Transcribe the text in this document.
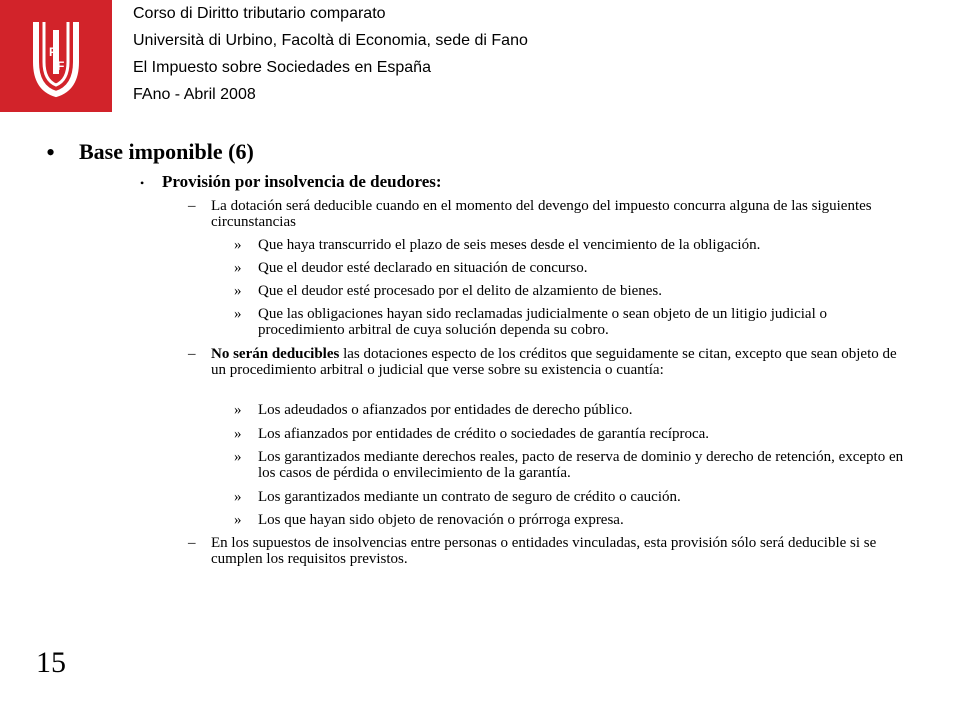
P
F
Corso di Diritto tributario comparato
Università di Urbino, Facoltà di Economia, sede di Fano
El Impuesto sobre Sociedades en España
FAno - Abril 2008
• Base imponible (6)
• Provisión por insolvencia de deudores:
– La dotación será deducible cuando en el momento del devengo del impuesto concurra alguna de las siguientes circunstancias
» Que haya transcurrido el plazo de seis meses desde el vencimiento de la obligación.
» Que el deudor esté declarado en situación de concurso.
» Que el deudor esté procesado por el delito de alzamiento de bienes.
» Que las obligaciones hayan sido reclamadas judicialmente o sean objeto de un litigio judicial o procedimiento arbitral de cuya solución dependa su cobro.
– No serán deducibles las dotaciones especto de los créditos que seguidamente se citan, excepto que sean objeto de un procedimiento arbitral o judicial que verse sobre su existencia o cuantía:
» Los adeudados o afianzados por entidades de derecho público.
» Los afianzados por entidades de crédito o sociedades de garantía recíproca.
» Los garantizados mediante derechos reales, pacto de reserva de dominio y derecho de retención, excepto en los casos de pérdida o envilecimiento de la garantía.
» Los garantizados mediante un contrato de seguro de crédito o caución.
» Los que hayan sido objeto de renovación o prórroga expresa.
– En los supuestos de insolvencias entre personas o entidades vinculadas, esta provisión sólo será deducible si se cumplen los requisitos previstos.
15
